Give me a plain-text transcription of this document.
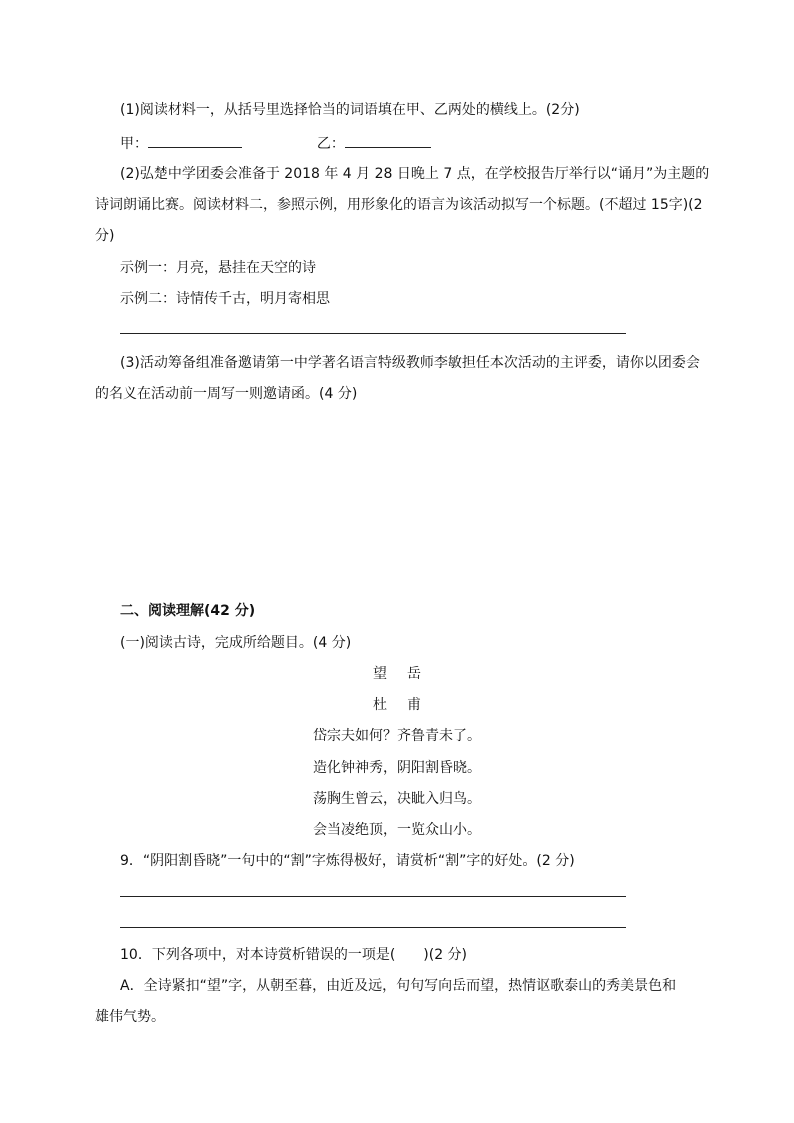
(1)阅读材料一，从括号里选择恰当的词语填在甲、乙两处的横线上。(2分)
甲：	乙：
(2)弘楚中学团委会准备于 2018 年 4 月 28 日晚上 7 点，在学校报告厅举行以“诵月”为主题的
诗词朗诵比赛。阅读材料二，参照示例，用形象化的语言为该活动拟写一个标题。(不超过 15字)(2
分)
示例一：月亮，悬挂在天空的诗
示例二：诗情传千古，明月寄相思
(3)活动筹备组准备邀请第一中学著名语言特级教师李敏担任本次活动的主评委，请你以团委会
的名义在活动前一周写一则邀请函。(4 分)
二、阅读理解(42 分)
(一)阅读古诗，完成所给题目。(4 分)
望岳
杜甫
岱宗夫如何？齐鲁青未了。
造化钟神秀，阴阳割昏晓。
荡胸生曾云，决眦入归鸟。
会当凌绝顶，一览众山小。
9．“阴阳割昏晓”一句中的“割”字炼得极好，请赏析“割”字的好处。(2 分)
10．下列各项中，对本诗赏析错误的一项是(　　)(2 分)
A．全诗紧扣“望”字，从朝至暮，由近及远，句句写向岳而望，热情讴歌泰山的秀美景色和
雄伟气势。
